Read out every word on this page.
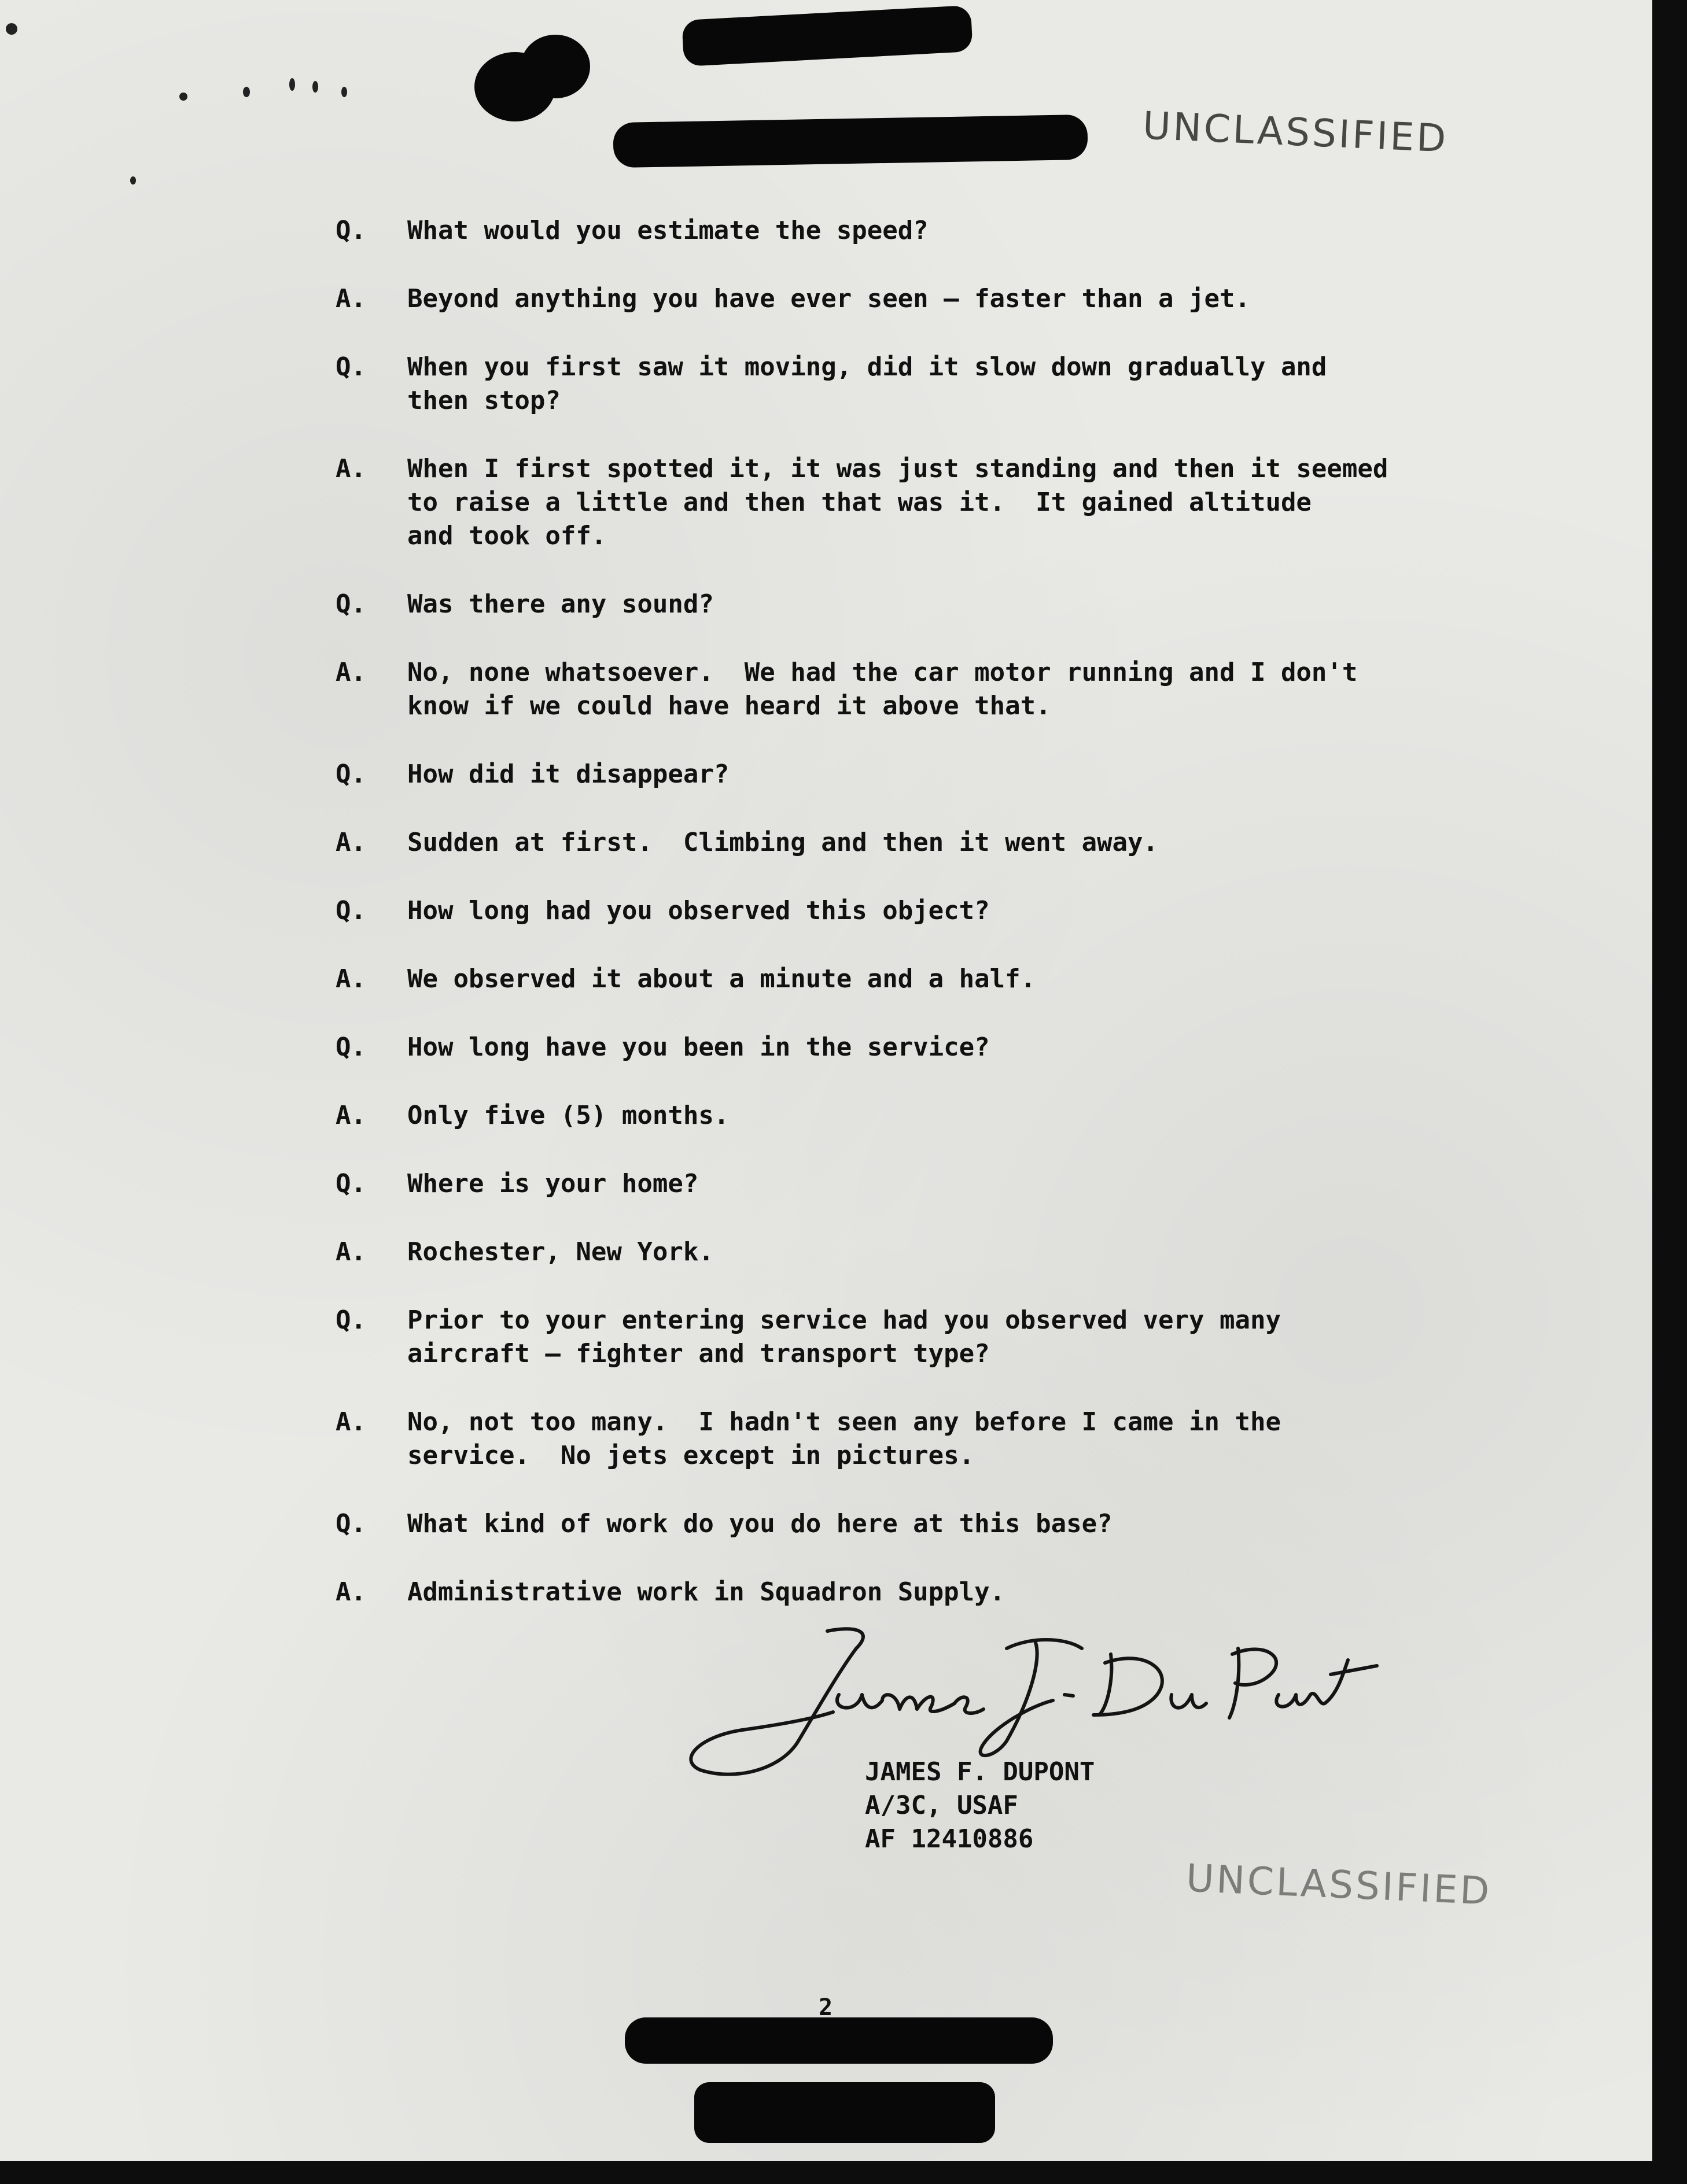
UNCLASSIFIED
UNCLASSIFIED
Q.	What would you estimate the speed?
A.	Beyond anything you have ever seen — faster than a jet.
Q.	When you first saw it moving, did it slow down gradually and
then stop?
A.	When I first spotted it, it was just standing and then it seemed
to raise a little and then that was it.  It gained altitude
and took off.
Q.	Was there any sound?
A.	No, none whatsoever.  We had the car motor running and I don't
know if we could have heard it above that.
Q.	How did it disappear?
A.	Sudden at first.  Climbing and then it went away.
Q.	How long had you observed this object?
A.	We observed it about a minute and a half.
Q.	How long have you been in the service?
A.	Only five (5) months.
Q.	Where is your home?
A.	Rochester, New York.
Q.	Prior to your entering service had you observed very many
aircraft — fighter and transport type?
A.	No, not too many.  I hadn't seen any before I came in the
service.  No jets except in pictures.
Q.	What kind of work do you do here at this base?
A.	Administrative work in Squadron Supply.
JAMES F. DUPONT
A/3C, USAF
AF 12410886
2
